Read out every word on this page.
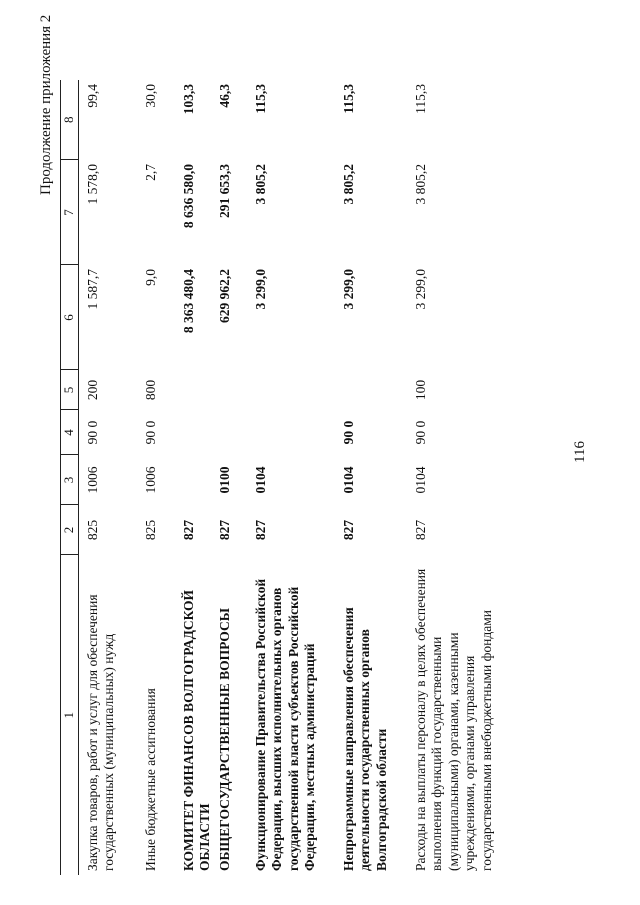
116
Продолжение приложения 2
1	2	3	4	5	6	7	8

Закупка товаров, работ и услуг для обеспечения государственных (муниципальных) нужд	825	1006	90 0	200	1 587,7	1 578,0	99,4
Иные бюджетные ассигнования	825	1006	90 0	800	9,0	2,7	30,0
КОМИТЕТ ФИНАНСОВ ВОЛГОГРАДСКОЙ ОБЛАСТИ	827				8 363 480,4	8 636 580,0	103,3
ОБЩЕГОСУДАРСТВЕННЫЕ ВОПРОСЫ	827	0100			629 962,2	291 653,3	46,3
Функционирование Правительства Российской Федерации, высших исполнительных органов государственной власти субъектов Российской Федерации, местных администраций	827	0104			3 299,0	3 805,2	115,3
Непрограммные направления обеспечения деятельности государственных органов Волгоградской области	827	0104	90 0		3 299,0	3 805,2	115,3
Расходы на выплаты персоналу в целях обеспечения выполнения функций государственными (муниципальными) органами, казенными учреждениями, органами управления государственными внебюджетными фондами	827	0104	90 0	100	3 299,0	3 805,2	115,3
